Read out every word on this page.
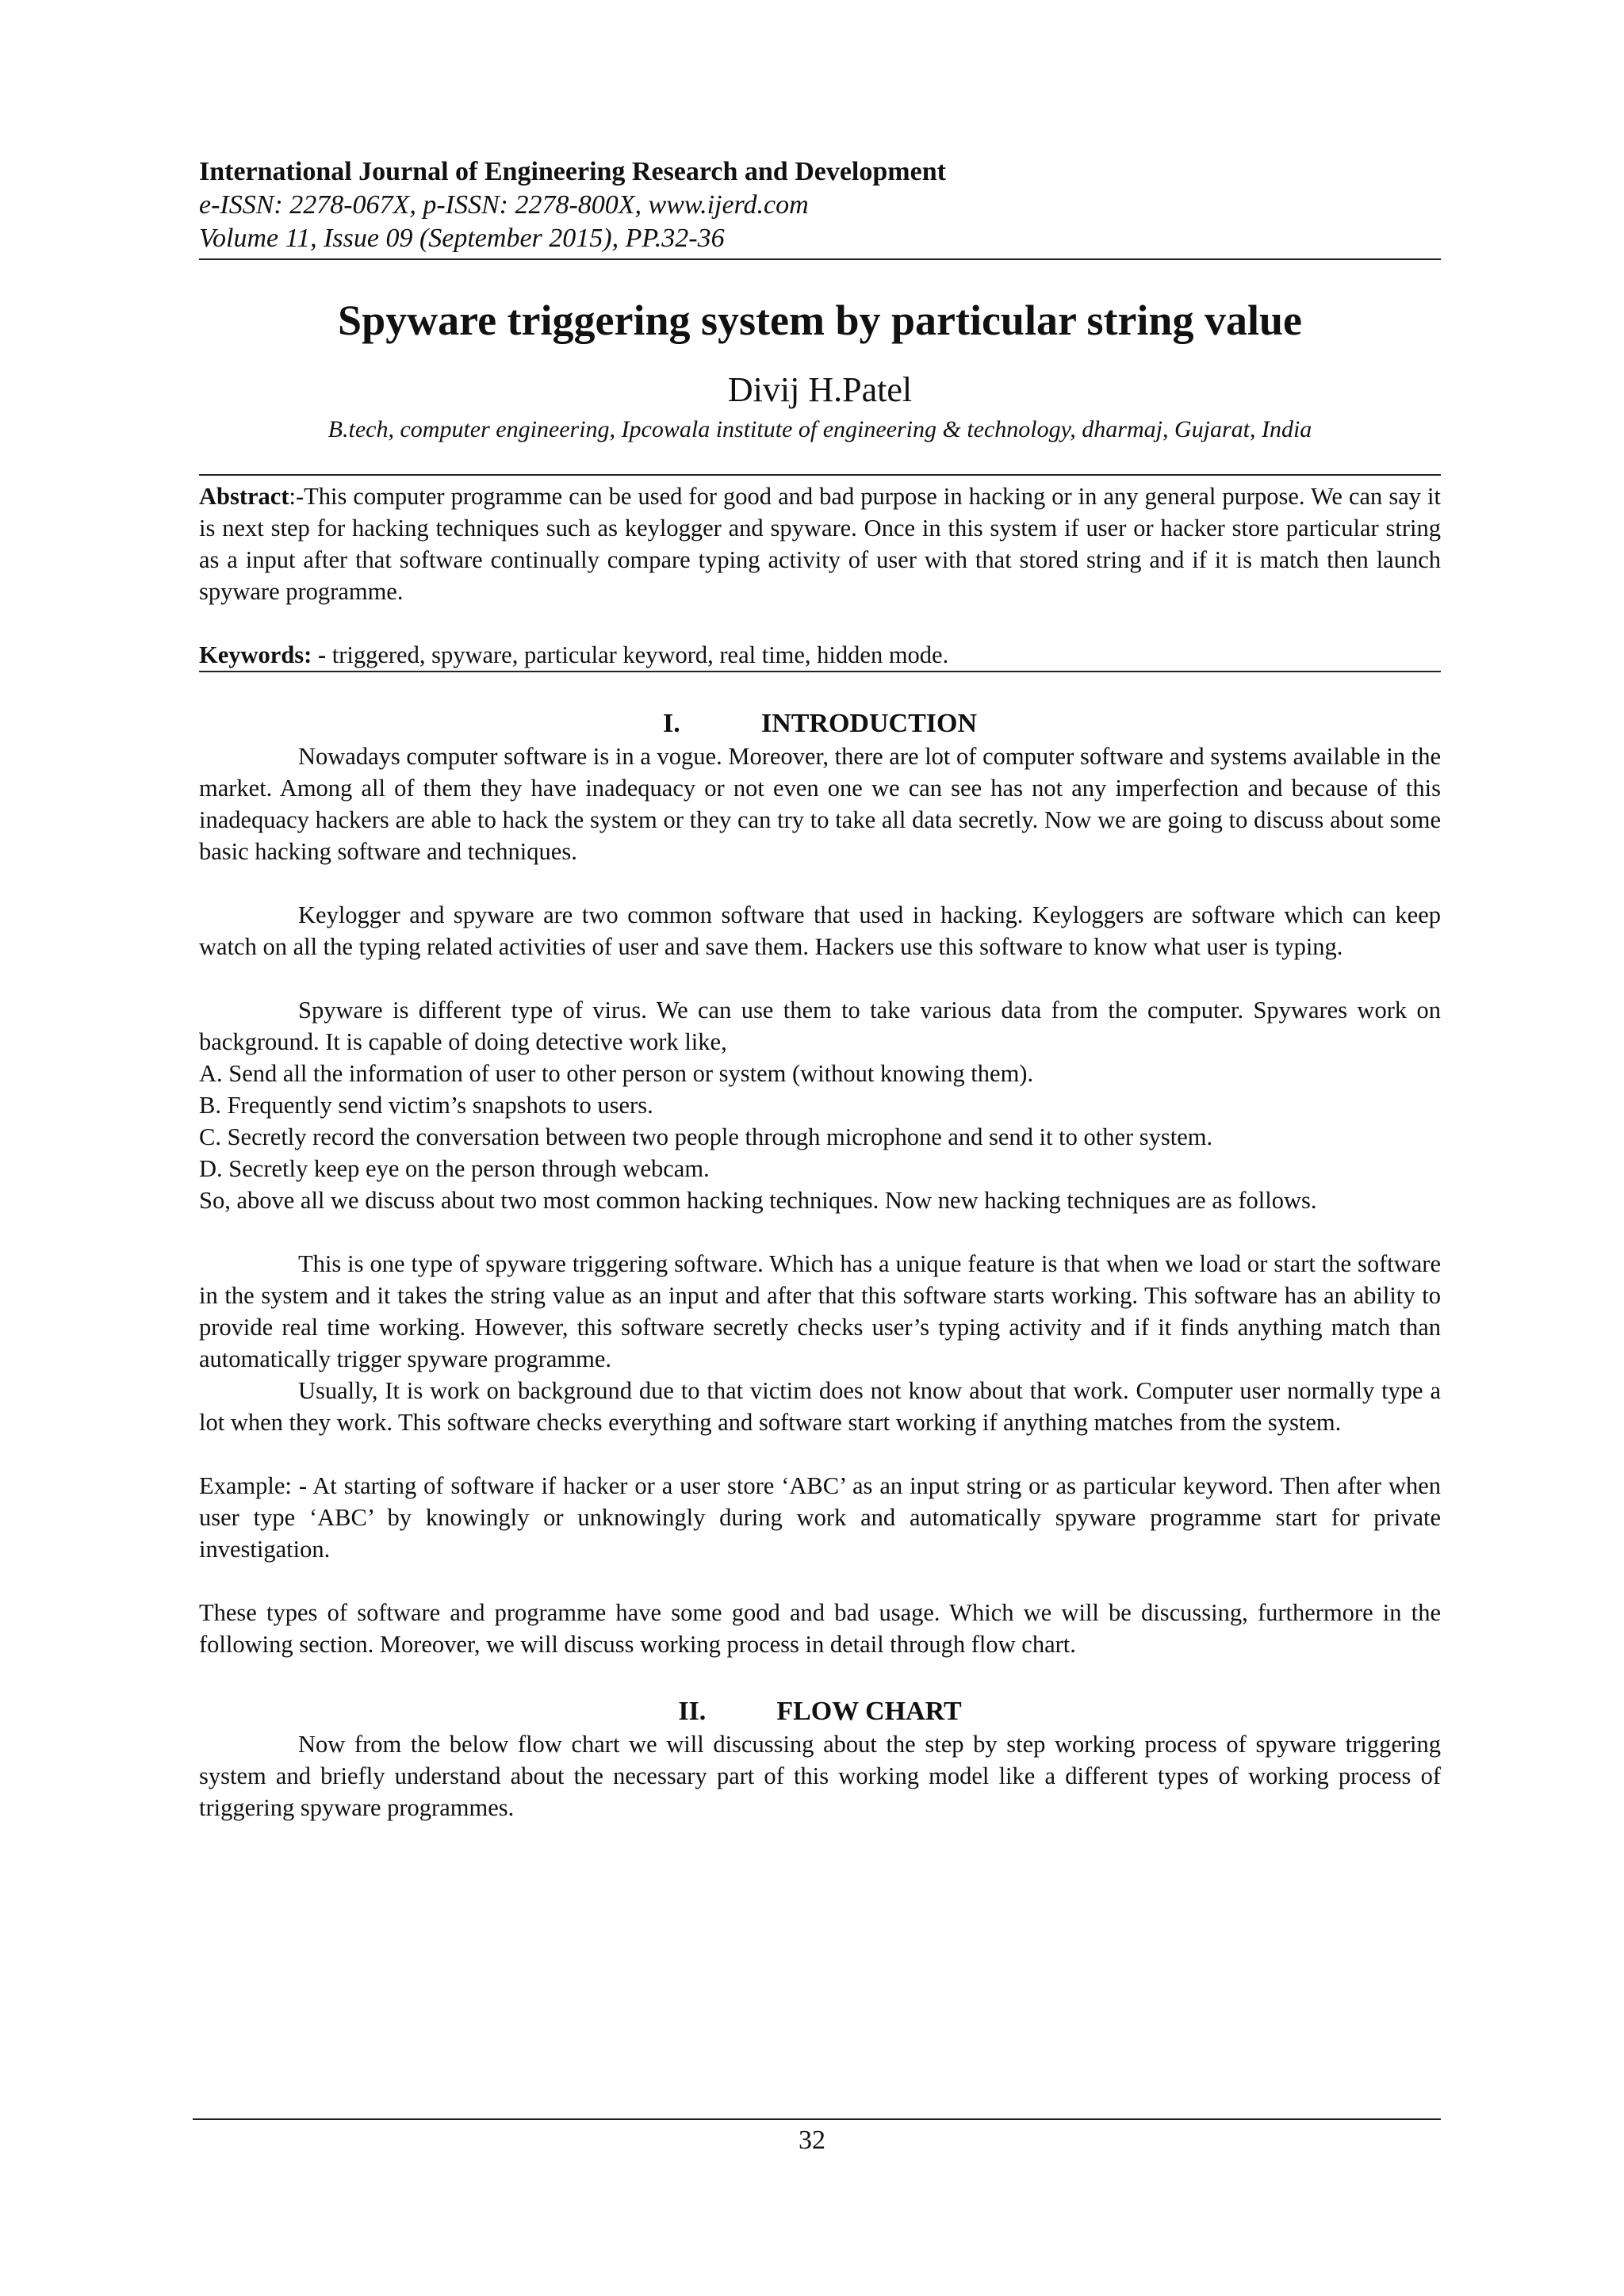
International Journal of Engineering Research and Development
e-ISSN: 2278-067X, p-ISSN: 2278-800X, www.ijerd.com
Volume 11, Issue 09 (September 2015), PP.32-36
Spyware triggering system by particular string value
Divij H.Patel
B.tech, computer engineering, Ipcowala institute of engineering & technology, dharmaj, Gujarat, India

Abstract:-This computer programme can be used for good and bad purpose in hacking or in any general purpose. We can say it is next step for hacking techniques such as keylogger and spyware. Once in this system if user or hacker store particular string as a input after that software continually compare typing activity of user with that stored string and if it is match then launch spyware programme.

Keywords: - triggered, spyware, particular keyword, real time, hidden mode.

I.	INTRODUCTION

Nowadays computer software is in a vogue. Moreover, there are lot of computer software and systems available in the market. Among all of them they have inadequacy or not even one we can see has not any imperfection and because of this inadequacy hackers are able to hack the system or they can try to take all data secretly. Now we are going to discuss about some basic hacking software and techniques.

Keylogger and spyware are two common software that used in hacking. Keyloggers are software which can keep watch on all the typing related activities of user and save them. Hackers use this software to know what user is typing.

Spyware is different type of virus. We can use them to take various data from the computer. Spywares work on background. It is capable of doing detective work like,

A. Send all the information of user to other person or system (without knowing them).

B. Frequently send victim’s snapshots to users.

C. Secretly record the conversation between two people through microphone and send it to other system.

D. Secretly keep eye on the person through webcam.

So, above all we discuss about two most common hacking techniques. Now new hacking techniques are as follows.

This is one type of spyware triggering software. Which has a unique feature is that when we load or start the software in the system and it takes the string value as an input and after that this software starts working. This software has an ability to provide real time working. However, this software secretly checks user’s typing activity and if it finds anything match than automatically trigger spyware programme.

Usually, It is work on background due to that victim does not know about that work. Computer user normally type a lot when they work. This software checks everything and software start working if anything matches from the system.

Example: - At starting of software if hacker or a user store ‘ABC’ as an input string or as particular keyword. Then after when user type ‘ABC’ by knowingly or unknowingly during work and automatically spyware programme start for private investigation.

These types of software and programme have some good and bad usage. Which we will be discussing, furthermore in the following section. Moreover, we will discuss working process in detail through flow chart.

II.	FLOW CHART

Now from the below flow chart we will discussing about the step by step working process of spyware triggering system and briefly understand about the necessary part of this working model like a different types of working process of triggering spyware programmes.

32
